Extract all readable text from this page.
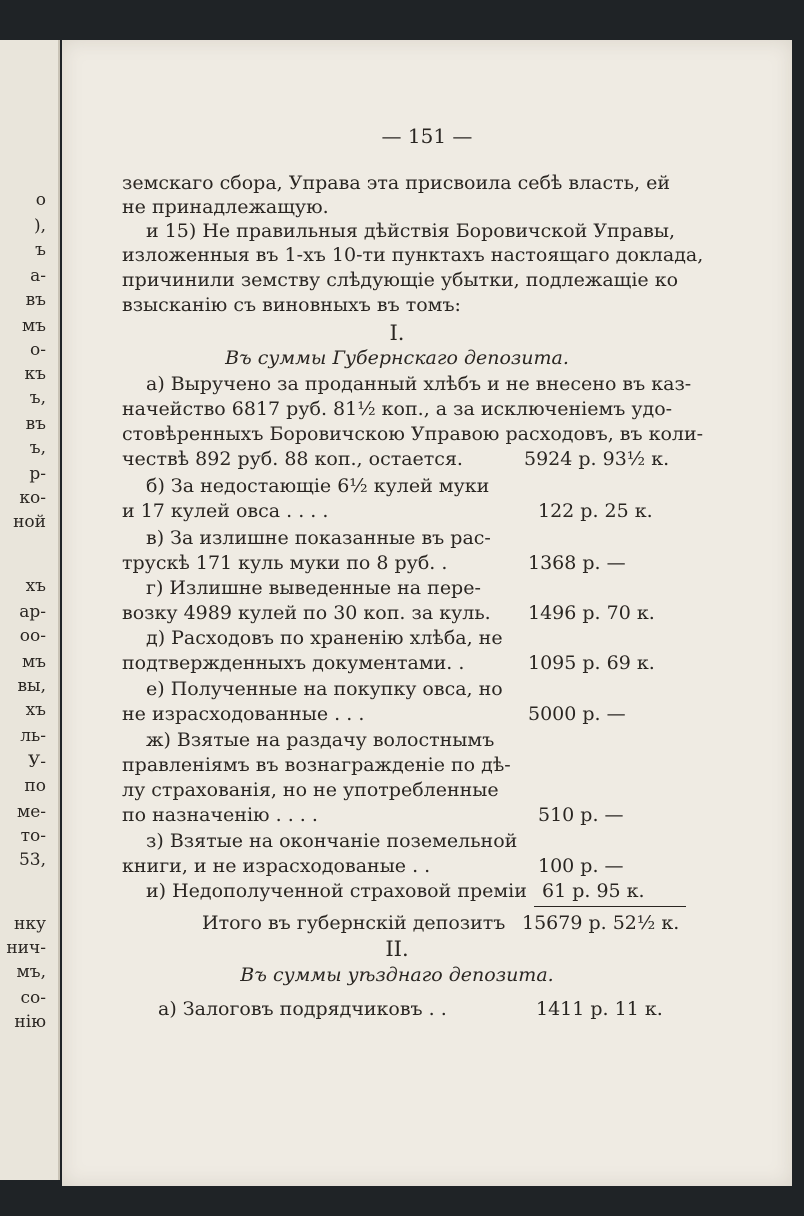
о
),
ъ
а-
въ
мъ
о-
къ
ъ,
въ
ъ,
р-
ко-
ной
хъ
ар-
оо-
мъ
вы,
хъ
ль-
У-
по
ме-
то-
53,
нку
нич-
мъ,
со-
нію
— 151 —
земскаго сбора, Управа эта присвоила себѣ власть, ей
не принадлежащую.
и 15) Не правильныя дѣйствія Боровичской Управы,
изложенныя въ 1-хъ 10-ти пунктахъ настоящаго доклада,
причинили земству слѣдующіе убытки, подлежащіе ко
взысканію съ виновныхъ въ томъ:
I.
Въ суммы Губернскаго депозита.
а) Выручено за проданный хлѣбъ и не внесено въ каз-
начейство 6817 руб. 81½ коп., а за исключеніемъ удо-
стовѣренныхъ Боровичскою Управою расходовъ, въ коли-
чествѣ 892 руб. 88 коп., остается.	5924 р. 93½ к.
б) За недостающіе 6½ кулей муки
и 17 кулей овса . . . .	122 р. 25 к.
в) За излишне показанные въ рас-
трускѣ 171 куль муки по 8 руб. .	1368 р. —
г) Излишне выведенные на пере-
возку 4989 кулей по 30 коп. за куль. 1496 р. 70 к.
д) Расходовъ по храненію хлѣба, не
подтвержденныхъ документами. .	1095 р. 69 к.
е) Полученные на покупку овса, но
не израсходованные . . .	5000 р. —
ж) Взятые на раздачу волостнымъ
правленіямъ въ вознагражденіе по дѣ-
лу страхованія, но не употребленные
по назначенію . . . .	510 р. —
з) Взятые на окончаніе поземельной
книги, и не израсходованые . .	100 р. —
и) Недополученной страховой преміи 61 р. 95 к.
Итого въ губернскій депозитъ 15679 р. 52½ к.
II.
Въ суммы уѣзднаго депозита.
а) Залоговъ подрядчиковъ . .	1411 р. 11 к.
